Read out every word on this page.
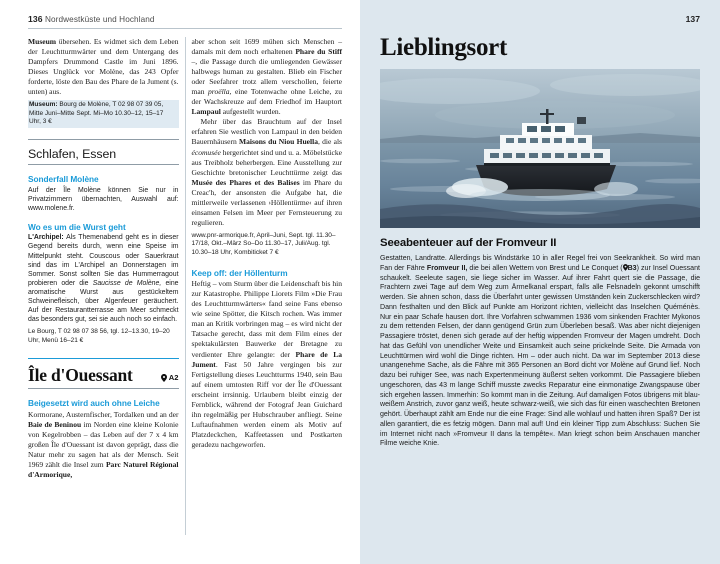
136 Nordwestküste und Hochland

Museum übersehen. Es widmet sich dem Leben der Leuchtturmwärter und dem Untergang des Dampfers Drummond Castle im Juni 1896. Dieses Unglück vor Molène, das 243 Opfer forderte, löste den Bau des Phare de la Jument (s. unten) aus.

Museum: Bourg de Molène, T 02 98 07 39 05, Mitte Juni–Mitte Sept. Mi–Mo 10.30–12, 15–17 Uhr, 3 €

Schlafen, Essen
Sonderfall Molène

Auf der Île Molène können Sie nur in Privatzimmern übernachten, Auswahl auf: www.molene.fr.

Wo es um die Wurst geht

L'Archipel: Als Themenabend geht es in dieser Gegend bereits durch, wenn eine Speise im Mittelpunkt steht. Couscous oder Sauerkraut sind das im L'Archipel an Donnerstagen im Sommer. Sonst sollten Sie das Hummerragout probieren oder die Saucisse de Molène, eine aromatische Wurst aus gestückeltem Schweinefleisch, über Algenfeuer geräuchert. Auf der Restaurantterrasse am Meer schmeckt das besonders gut, sei sie auch noch so einfach.

Le Bourg, T 02 98 07 38 56, tgl. 12–13.30, 19–20 Uhr, Menü 16–21 €

Île d'Ouessant	A2
Beigesetzt wird auch ohne Leiche

Kormorane, Austernfischer, Tordalken und an der Baie de Beninou im Norden eine kleine Kolonie von Kegelrobben – das Leben auf der 7 x 4 km großen Île d'Ouessant ist davon geprägt, dass die Natur mehr zu sagen hat als der Mensch. Seit 1969 zählt die Insel zum Parc Naturel Régional d'Armorique,

aber schon seit 1699 mühen sich Menschen – damals mit dem noch erhaltenen Phare du Stiff –, die Passage durch die umliegenden Gewässer halbwegs human zu gestalten. Blieb ein Fischer oder Seefahrer trotz allem verschollen, feierte man proëlla, eine Totenwache ohne Leiche, zu der Wachskreuze auf dem Friedhof im Hauptort Lampaul aufgestellt wurden.

Mehr über das Brauchtum auf der Insel erfahren Sie westlich von Lampaul in den beiden Bauernhäusern Maisons du Niou Huella, die als écomusée hergerichtet sind und u. a. Möbelstücke aus Treibholz beherbergen. Eine Ausstellung zur Geschichte bretonischer Leuchttürme zeigt das Musée des Phares et des Balises im Phare du Creac'h, der ansonsten die Aufgabe hat, die mittlerweile verlassenen ›Höllentürme‹ auf ihren einsamen Felsen im Meer per Fernsteuerung zu regulieren.

www.pnr-armorique.fr, April–Juni, Sept. tgl. 11.30–17/18, Okt.–März So–Do 11.30–17, Juli/Aug. tgl. 10.30–18 Uhr, Kombiticket 7 €

Keep off: der Höllenturm

Heftig – vom Sturm über die Leidenschaft bis hin zur Katastrophe. Philippe Liorets Film »Die Frau des Leuchtturmwärters« fand seine Fans ebenso wie seine Spötter, die Kitsch rochen. Was immer man an Kritik vorbringen mag – es wird nicht der Tatsache gerecht, dass mit dem Film eines der spektakulärsten Bauwerke der Bretagne zu verdienter Ehre gelangte: der Phare de La Jument. Fast 50 Jahre vergingen bis zur Fertigstellung dieses Leuchtturms 1940, sein Bau auf einem umtosten Riff vor der Île d'Ouessant erscheint irrsinnig. Urlaubern bleibt einzig der Fernblick, während der Fotograf Jean Guichard ihn regelmäßig per Hubschrauber anfliegt. Seine Luftaufnahmen werden einem als Motiv auf Platzdeckchen, Kaffeetassen und Postkarten geradezu nachgeworfen.

137
Lieblingsort
Seeabenteuer auf der Fromveur II

Gestatten, Landratte. Allerdings bis Windstärke 10 in aller Regel frei von Seekrankheit. So wird man Fan der Fähre Fromveur II, die bei allen Wettern von Brest und Le Conquet ( B3) zur Insel Ouessant schaukelt. Seeleute sagen, sie liege sicher im Wasser. Auf ihrer Fahrt quert sie die Passage, die Frachtern zwei Tage auf dem Weg zum Ärmelkanal erspart, falls alle Felsnadeln gekonnt umschifft werden. Sie ahnen schon, dass die Überfahrt unter gewissen Umständen kein Zuckerschlecken wird? Dann festhalten und den Blick auf Punkte am Horizont richten, vielleicht das Inselchen Quéménès. Nur ein paar Schafe hausen dort. Ihre Vorfahren schwammen 1936 vom sinkenden Frachter Mykonos zu dem rettenden Felsen, der dann genügend Grün zum Überleben besaß. Was aber nicht diejenigen Passagiere tröstet, denen sich gerade auf der heftig wippenden Fromveur der Magen umdreht. Doch hat das Gefühl von unendlicher Weite und Einsamkeit auch seine prickelnde Seite. Die Armada von Leuchttürmen wird wohl die Dinge richten. Hm – oder auch nicht. Da war im September 2013 diese unangenehme Sache, als die Fähre mit 365 Personen an Bord dicht vor Molène auf Grund lief. Noch dazu bei ruhiger See, was nach Expertenmeinung äußerst selten vorkommt. Die Passagiere blieben ungeschoren, das 43 m lange Schiff musste zwecks Reparatur eine einmonatige Zwangspause über sich ergehen lassen. Immerhin: So kommt man in die Zeitung. Auf damaligen Fotos übrigens mit blau-weißem Anstrich, zuvor ganz weiß, heute schwarz-weiß, wie sich das für einen waschechten Bretonen gehört. Überhaupt zählt am Ende nur die eine Frage: Sind alle wohlauf und hatten ihren Spaß? Der ist allen garantiert, die es fetzig mögen. Dann mal auf! Und ein kleiner Tipp zum Abschluss: Suchen Sie im Internet nicht nach »Fromveur II dans la tempête«. Man kriegt schon beim Anschauen mancher Filme weiche Knie.
